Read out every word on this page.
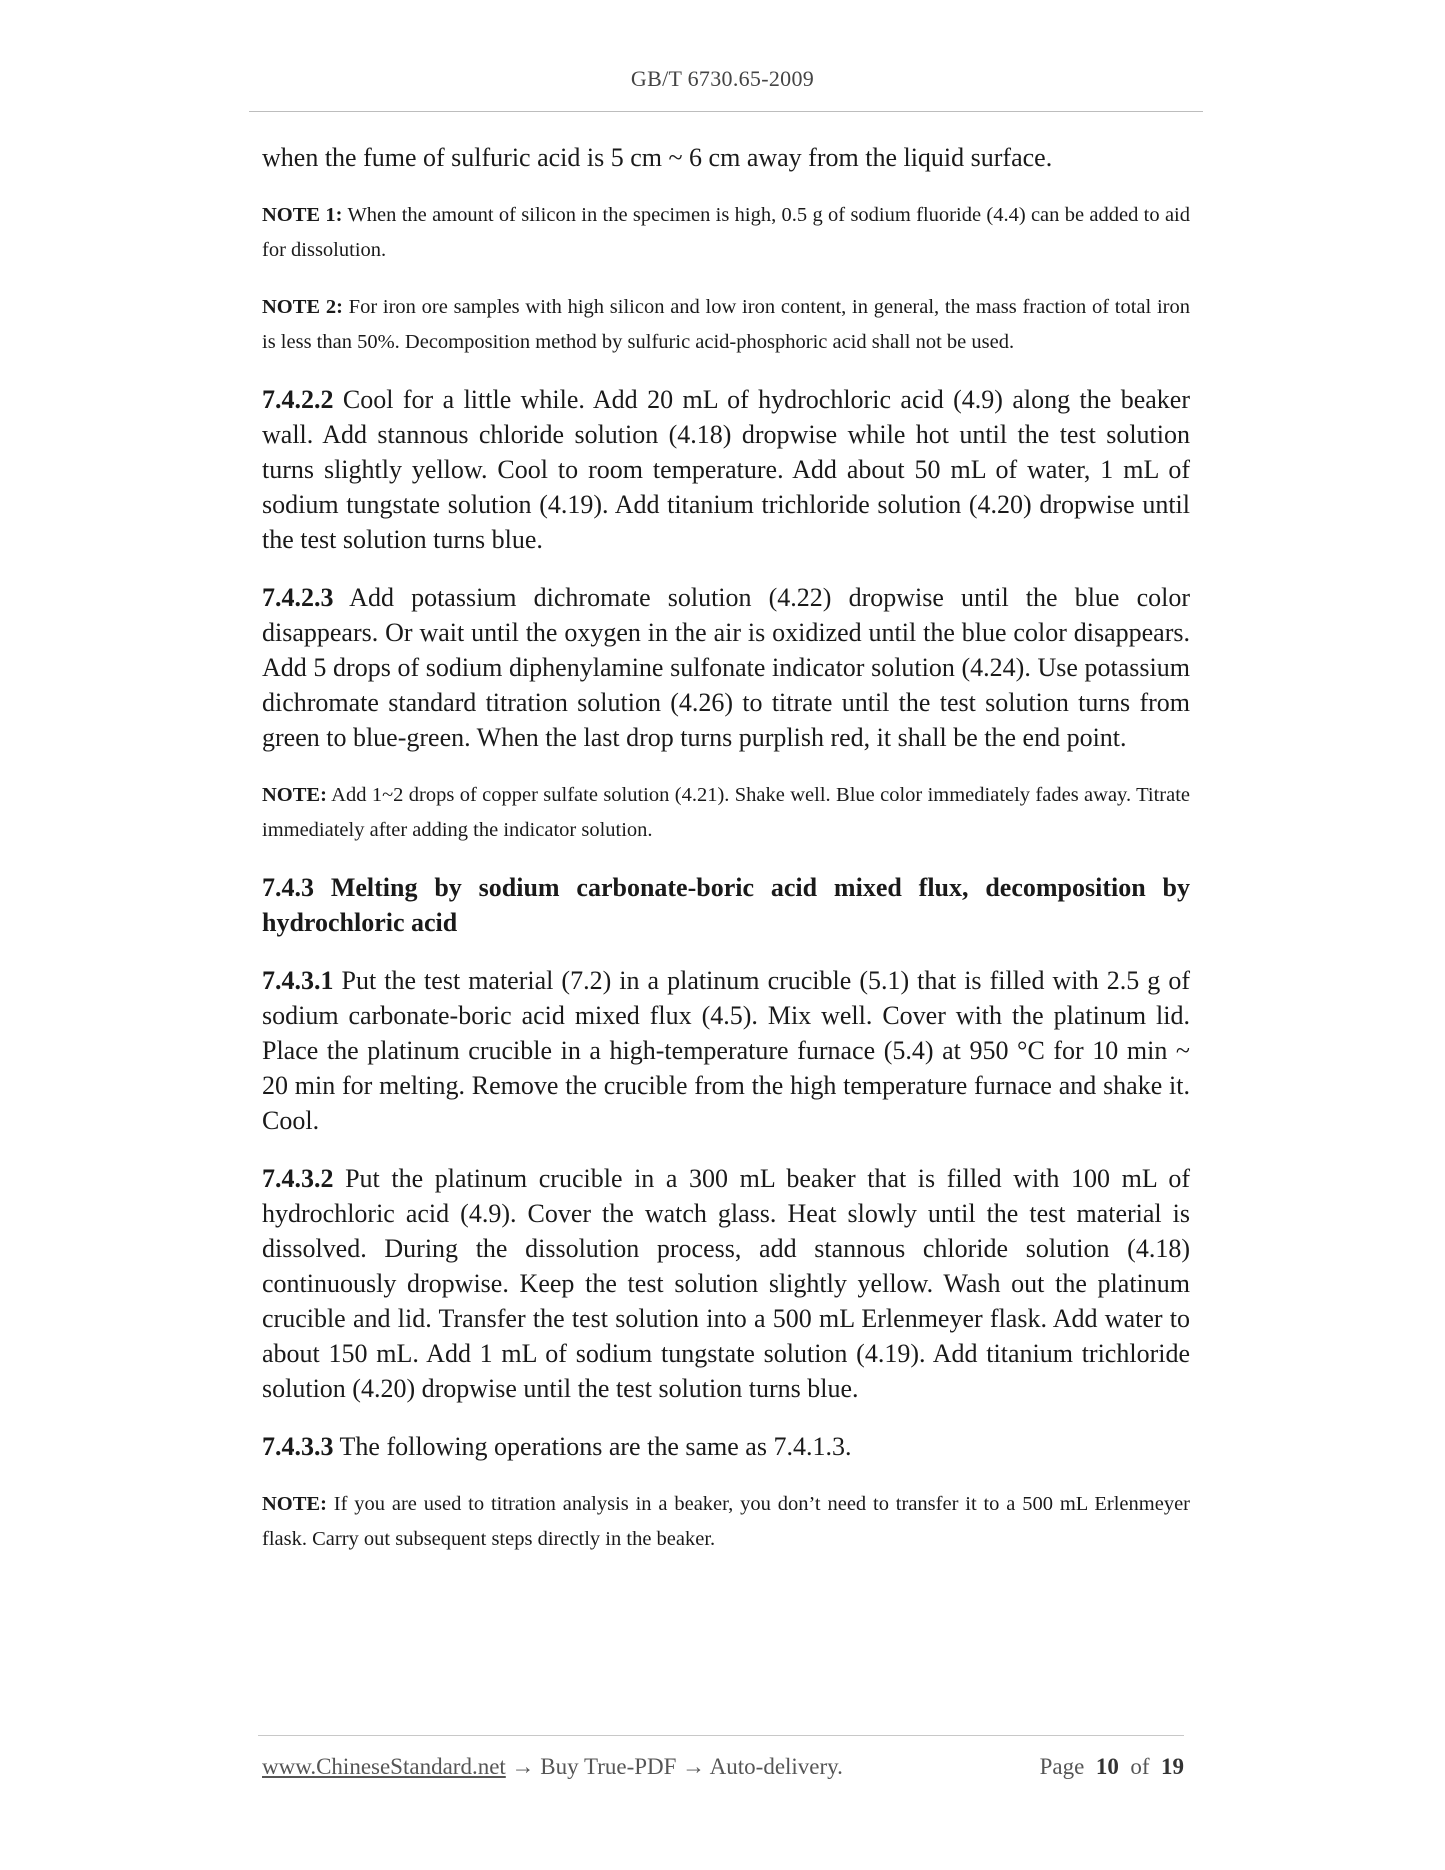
GB/T 6730.65-2009

when the fume of sulfuric acid is 5 cm ~ 6 cm away from the liquid surface.

NOTE 1: When the amount of silicon in the specimen is high, 0.5 g of sodium fluoride (4.4) can be added to aid for dissolution.

NOTE 2: For iron ore samples with high silicon and low iron content, in general, the mass fraction of total iron is less than 50%. Decomposition method by sulfuric acid-phosphoric acid shall not be used.

7.4.2.2 Cool for a little while. Add 20 mL of hydrochloric acid (4.9) along the beaker wall. Add stannous chloride solution (4.18) dropwise while hot until the test solution turns slightly yellow. Cool to room temperature. Add about 50 mL of water, 1 mL of sodium tungstate solution (4.19). Add titanium trichloride solution (4.20) dropwise until the test solution turns blue.

7.4.2.3 Add potassium dichromate solution (4.22) dropwise until the blue color disappears. Or wait until the oxygen in the air is oxidized until the blue color disappears. Add 5 drops of sodium diphenylamine sulfonate indicator solution (4.24). Use potassium dichromate standard titration solution (4.26) to titrate until the test solution turns from green to blue-green. When the last drop turns purplish red, it shall be the end point.

NOTE: Add 1~2 drops of copper sulfate solution (4.21). Shake well. Blue color immediately fades away. Titrate immediately after adding the indicator solution.

7.4.3 Melting by sodium carbonate-boric acid mixed flux, decomposition by hydrochloric acid

7.4.3.1 Put the test material (7.2) in a platinum crucible (5.1) that is filled with 2.5 g of sodium carbonate-boric acid mixed flux (4.5). Mix well. Cover with the platinum lid. Place the platinum crucible in a high-temperature furnace (5.4) at 950 °C for 10 min ~ 20 min for melting. Remove the crucible from the high temperature furnace and shake it. Cool.

7.4.3.2 Put the platinum crucible in a 300 mL beaker that is filled with 100 mL of hydrochloric acid (4.9). Cover the watch glass. Heat slowly until the test material is dissolved. During the dissolution process, add stannous chloride solution (4.18) continuously dropwise. Keep the test solution slightly yellow. Wash out the platinum crucible and lid. Transfer the test solution into a 500 mL Erlenmeyer flask. Add water to about 150 mL. Add 1 mL of sodium tungstate solution (4.19). Add titanium trichloride solution (4.20) dropwise until the test solution turns blue.

7.4.3.3 The following operations are the same as 7.4.1.3.

NOTE: If you are used to titration analysis in a beaker, you don’t need to transfer it to a 500 mL Erlenmeyer flask. Carry out subsequent steps directly in the beaker.

www.ChineseStandard.net → Buy True-PDF → Auto-delivery.	Page 10 of 19
